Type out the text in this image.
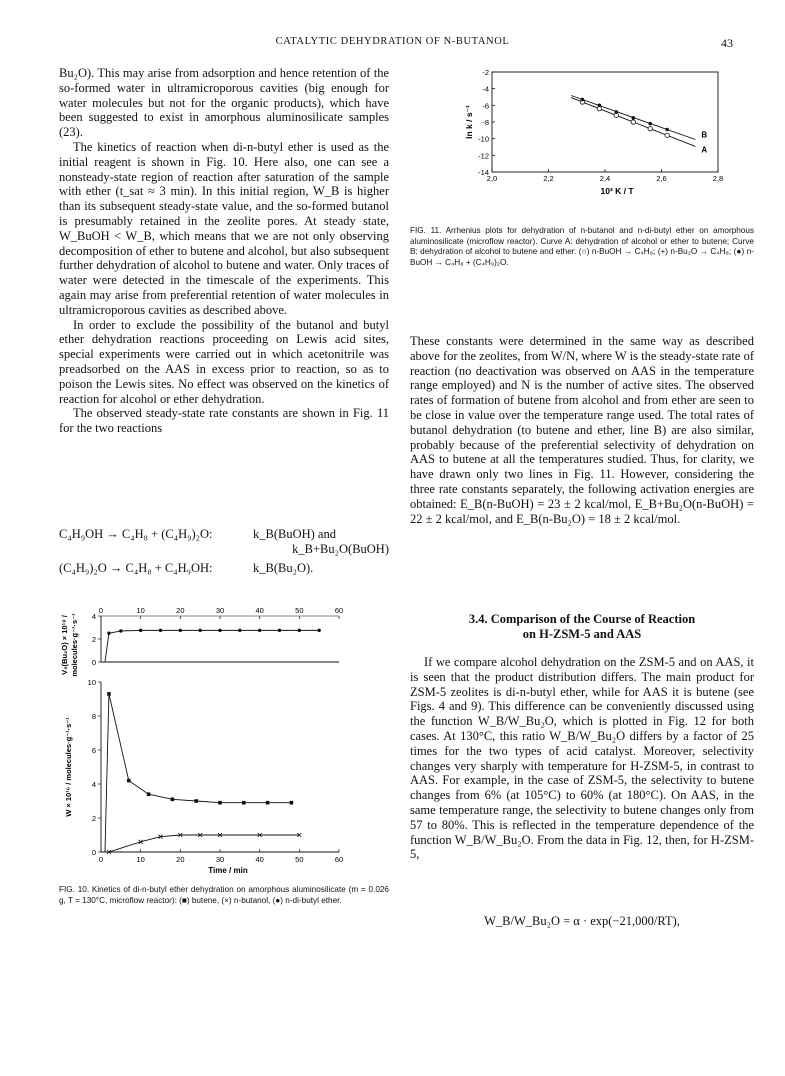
CATALYTIC DEHYDRATION OF N-BUTANOL	43

Bu₂O). This may arise from adsorption and hence retention of the so-formed water in ultramicroporous cavities (big enough for water molecules but not for the organic products), which have been suggested to exist in amorphous aluminosilicate samples (23).

The kinetics of reaction when di-n-butyl ether is used as the initial reagent is shown in Fig. 10. Here also, one can see a nonsteady-state region of reaction after saturation of the sample with ether (t_sat ≈ 3 min). In this initial region, W_B is higher than its subsequent steady-state value, and the so-formed butanol is presumably retained in the zeolite pores. At steady state, W_BuOH < W_B, which means that we are not only observing decomposition of ether to butene and alcohol, but also subsequent further dehydration of alcohol to butene and water. Only traces of water were detected in the timescale of the experiments. This again may arise from preferential retention of water molecules in ultramicroporous cavities as described above.

In order to exclude the possibility of the butanol and butyl ether dehydration reactions proceeding on Lewis acid sites, special experiments were carried out in which acetonitrile was preadsorbed on the AAS in excess prior to reaction, so as to poison the Lewis sites. No effect was observed on the kinetics of reaction for alcohol or ether dehydration.

The observed steady-state rate constants are shown in Fig. 11 for the two reactions

C₄H₉OH → C₄H₈ + (C₄H₉)₂O:	k_B(BuOH) and
k_B+Bu₂O(BuOH)
(C₄H₉)₂O → C₄H₈ + C₄H₉OH:	k_B(Bu₂O).
0	10	20	30	40	50	60
0
2
4
V₀(Bu₂O) × 10¹⁸ / molecules·g⁻¹·s⁻¹
0	10	20	30	40	50	60
0
2
4
6
8
10
Time / min
W × 10¹⁶ / molecules·g⁻¹·s⁻¹
FIG. 10. Kinetics of di-n-butyl ether dehydration on amorphous aluminosilicate (m = 0.026 g, T = 130°C, microflow reactor): (■) butene, (×) n-butanol, (●) n-di-butyl ether.
-2
-4
-6
-8
-10
-12
-14
2,0	2,2	2,4	2,6	2,8
10³ K / T
ln k / s⁻¹
A
B
FIG. 11. Arrhenius plots for dehydration of n-butanol and n-di-butyl ether on amorphous aluminosilicate (microflow reactor). Curve A: dehydration of alcohol or ether to butene; Curve B: dehydration of alcohol to butene and ether. (○) n-BuOH → C₄H₈; (+) n-Bu₂O → C₄H₈; (●) n-BuOH → C₄H₈ + (C₄H₉)₂O.

These constants were determined in the same way as described above for the zeolites, from W/N, where W is the steady-state rate of reaction (no deactivation was observed on AAS in the temperature range employed) and N is the number of active sites. The observed rates of formation of butene from alcohol and from ether are seen to be close in value over the temperature range used. The total rates of butanol dehydration (to butene and ether, line B) are also similar, probably because of the preferential selectivity of dehydration on AAS to butene at all the temperatures studied. Thus, for clarity, we have drawn only two lines in Fig. 11. However, considering the three rate constants separately, the following activation energies are obtained: E_B(n-BuOH) = 23 ± 2 kcal/mol, E_B+Bu₂O(n-BuOH) = 22 ± 2 kcal/mol, and E_B(n-Bu₂O) = 18 ± 2 kcal/mol.

3.4. Comparison of the Course of Reaction
on H-ZSM-5 and AAS

If we compare alcohol dehydration on the ZSM-5 and on AAS, it is seen that the product distribution differs. The main product for ZSM-5 zeolites is di-n-butyl ether, while for AAS it is butene (see Figs. 4 and 9). This difference can be conveniently discussed using the function W_B/W_Bu₂O, which is plotted in Fig. 12 for both cases. At 130°C, this ratio W_B/W_Bu₂O differs by a factor of 25 times for the two types of acid catalyst. Moreover, selectivity changes very sharply with temperature for H-ZSM-5, in contrast to AAS. For example, in the case of ZSM-5, the selectivity to butene changes from 6% (at 105°C) to 60% (at 180°C). On AAS, in the same temperature range, the selectivity to butene changes only from 57 to 80%. This is reflected in the temperature dependence of the function W_B/W_Bu₂O. From the data in Fig. 12, then, for H-ZSM-5,

W_B/W_Bu₂O = α · exp(−21,000/RT),
